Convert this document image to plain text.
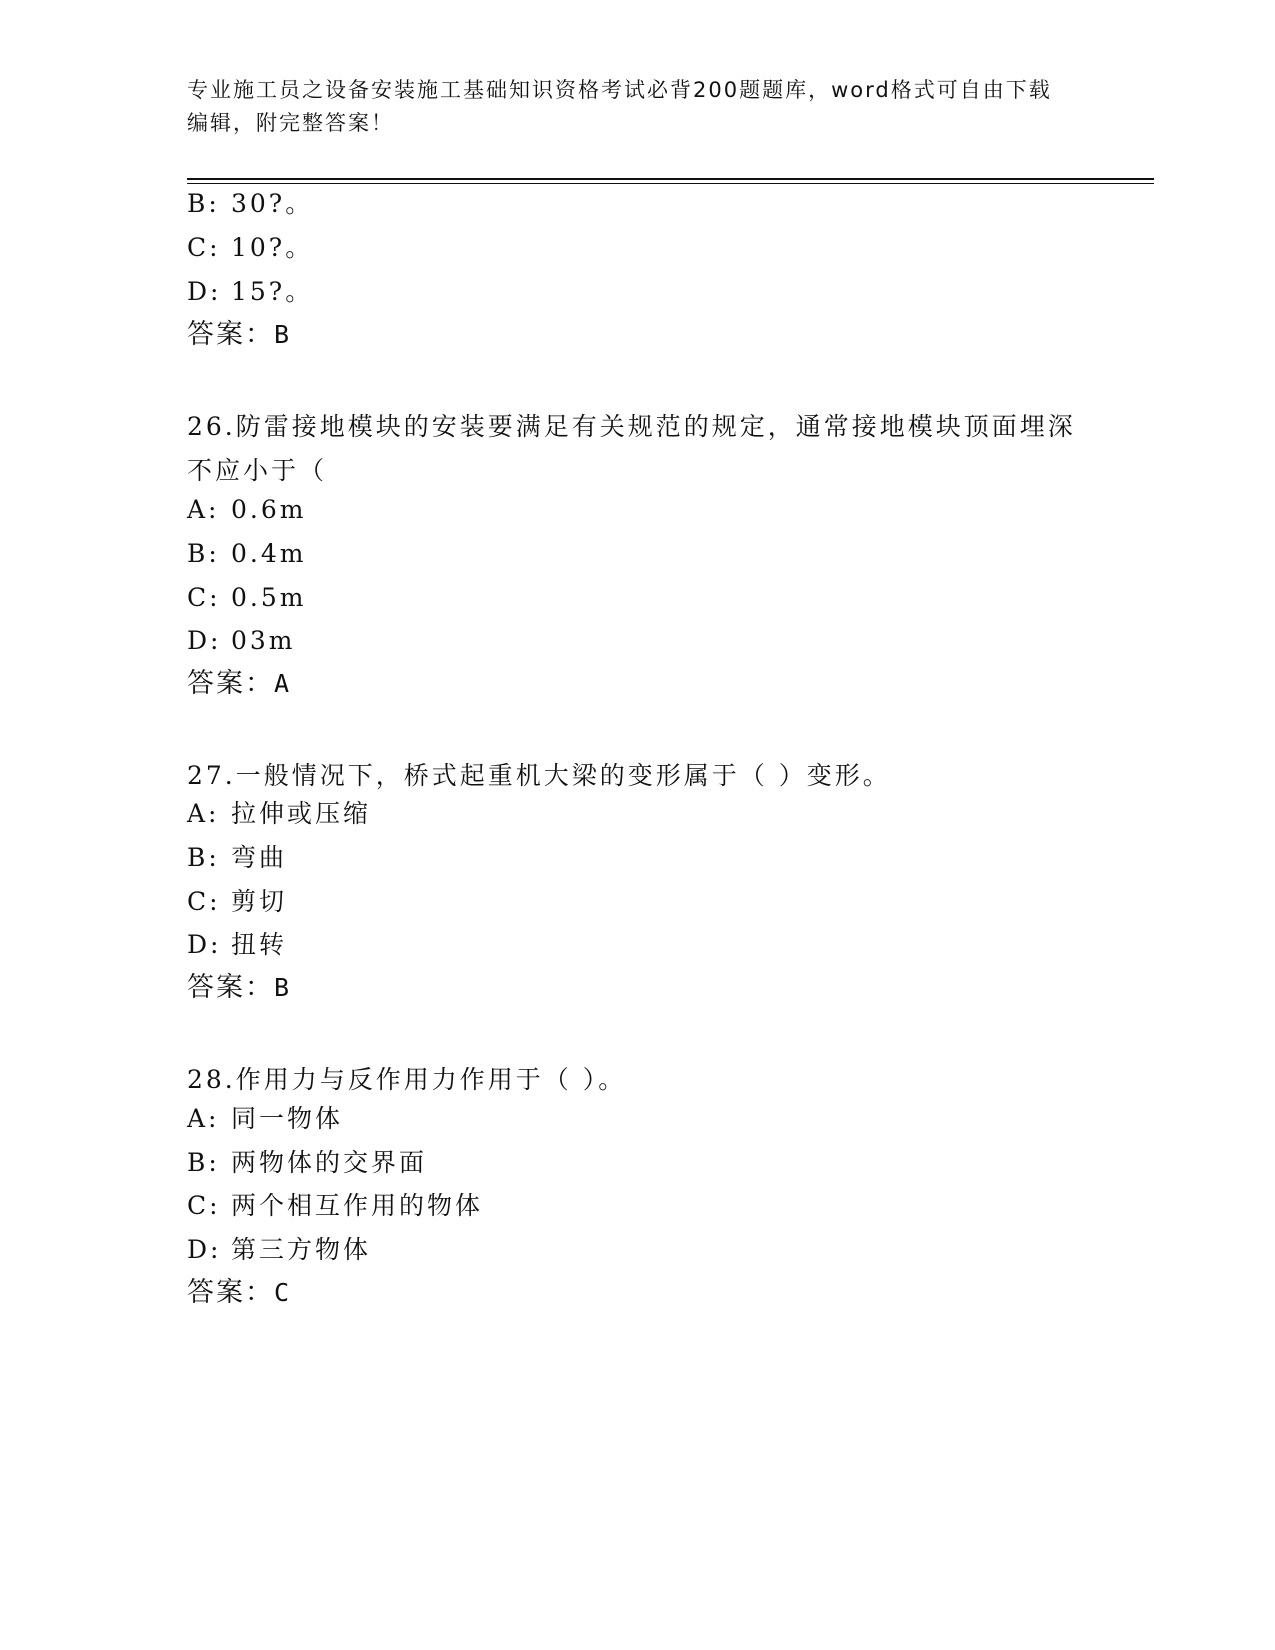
专业施工员之设备安装施工基础知识资格考试必背200题题库，word格式可自由下载编辑，附完整答案！
B: 30?。
C: 10?。
D: 15?。
答案：B
26.防雷接地模块的安装要满足有关规范的规定，通常接地模块顶面埋深不应小于（
A: 0.6m
B: 0.4m
C: 0.5m
D: 03m
答案：A
27.一般情况下，桥式起重机大梁的变形属于（ ）变形。
A: 拉伸或压缩
B: 弯曲
C: 剪切
D: 扭转
答案：B
28.作用力与反作用力作用于（ ）。
A: 同一物体
B: 两物体的交界面
C: 两个相互作用的物体
D: 第三方物体
答案：C
